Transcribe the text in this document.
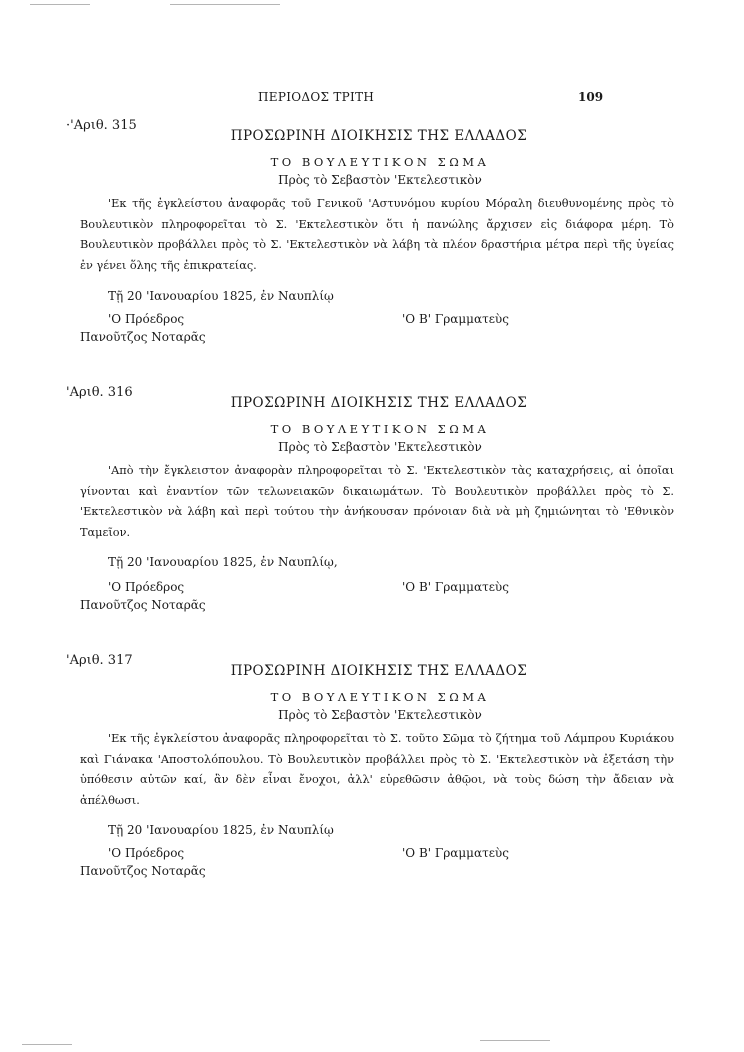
ΠΕΡΙΟΔΟΣ ΤΡΙΤΗ	109
·'Αριθ. 315
ΠΡΟΣΩΡΙΝΗ ΔΙΟΙΚΗΣΙΣ ΤΗΣ ΕΛΛΑΔΟΣ
ΤΟ ΒΟΥΛΕΥΤΙΚΟΝ ΣΩΜΑ
Πρὸς τὸ Σεβαστὸν 'Εκτελεστικὸν

'Εκ τῆς ἐγκλείστου ἀναφορᾶς τοῦ Γενικοῦ 'Αστυνόμου κυρίου Μόραλη διευθυνομένης πρὸς τὸ Βουλευτικὸν πληροφορεῖται τὸ Σ. 'Εκτελεστικὸν ὅτι ἡ πανώλης ἄρχισεν εἰς διάφορα μέρη. Τὸ Βουλευτικὸν προβάλλει πρὸς τὸ Σ. 'Εκτελεστικὸν νὰ λάβη τὰ πλέον δραστήρια μέτρα περὶ τῆς ὑγείας ἐν γένει ὅλης τῆς ἐπικρατείας.

Τῇ 20 'Ιανουαρίου 1825, ἐν Ναυπλίῳ
'Ο Πρόεδρος	'Ο Β' Γραμματεὺς
Πανοῦτζος Νοταρᾶς
'Αριθ. 316
ΠΡΟΣΩΡΙΝΗ ΔΙΟΙΚΗΣΙΣ ΤΗΣ ΕΛΛΑΔΟΣ
ΤΟ ΒΟΥΛΕΥΤΙΚΟΝ ΣΩΜΑ
Πρὸς τὸ Σεβαστὸν 'Εκτελεστικὸν

'Απὸ τὴν ἔγκλειστον ἀναφορὰν πληροφορεῖται τὸ Σ. 'Εκτελεστικὸν τὰς καταχρήσεις, αἱ ὁποῖαι γίνονται καὶ ἐναντίον τῶν τελωνειακῶν δικαιωμάτων. Τὸ Βουλευτικὸν προβάλλει πρὸς τὸ Σ. 'Εκτελεστικὸν νὰ λάβη καὶ περὶ τούτου τὴν ἀνήκουσαν πρόνοιαν διὰ νὰ μὴ ζημιώνηται τὸ 'Εθνικὸν Ταμεῖον.

Τῇ 20 'Ιανουαρίου 1825, ἐν Ναυπλίῳ,
'Ο Πρόεδρος	'Ο Β' Γραμματεὺς
Πανοῦτζος Νοταρᾶς
'Αριθ. 317
ΠΡΟΣΩΡΙΝΗ ΔΙΟΙΚΗΣΙΣ ΤΗΣ ΕΛΛΑΔΟΣ
ΤΟ ΒΟΥΛΕΥΤΙΚΟΝ ΣΩΜΑ
Πρὸς τὸ Σεβαστὸν 'Εκτελεστικὸν

'Εκ τῆς ἐγκλείστου ἀναφορᾶς πληροφορεῖται τὸ Σ. τοῦτο Σῶμα τὸ ζήτημα τοῦ Λάμπρου Κυριάκου καὶ Γιάνακα 'Αποστολόπουλου. Τὸ Βουλευτικὸν προβάλλει πρὸς τὸ Σ. 'Εκτελεστικὸν νὰ ἐξετάση τὴν ὑπόθεσιν αὐτῶν καί, ἂν δὲν εἶναι ἔνοχοι, ἀλλ' εὑρεθῶσιν ἀθῷοι, νὰ τοὺς δώση τὴν ἄδειαν νὰ ἀπέλθωσι.

Τῇ 20 'Ιανουαρίου 1825, ἐν Ναυπλίῳ
'Ο Πρόεδρος	'Ο Β' Γραμματεὺς
Πανοῦτζος Νοταρᾶς
